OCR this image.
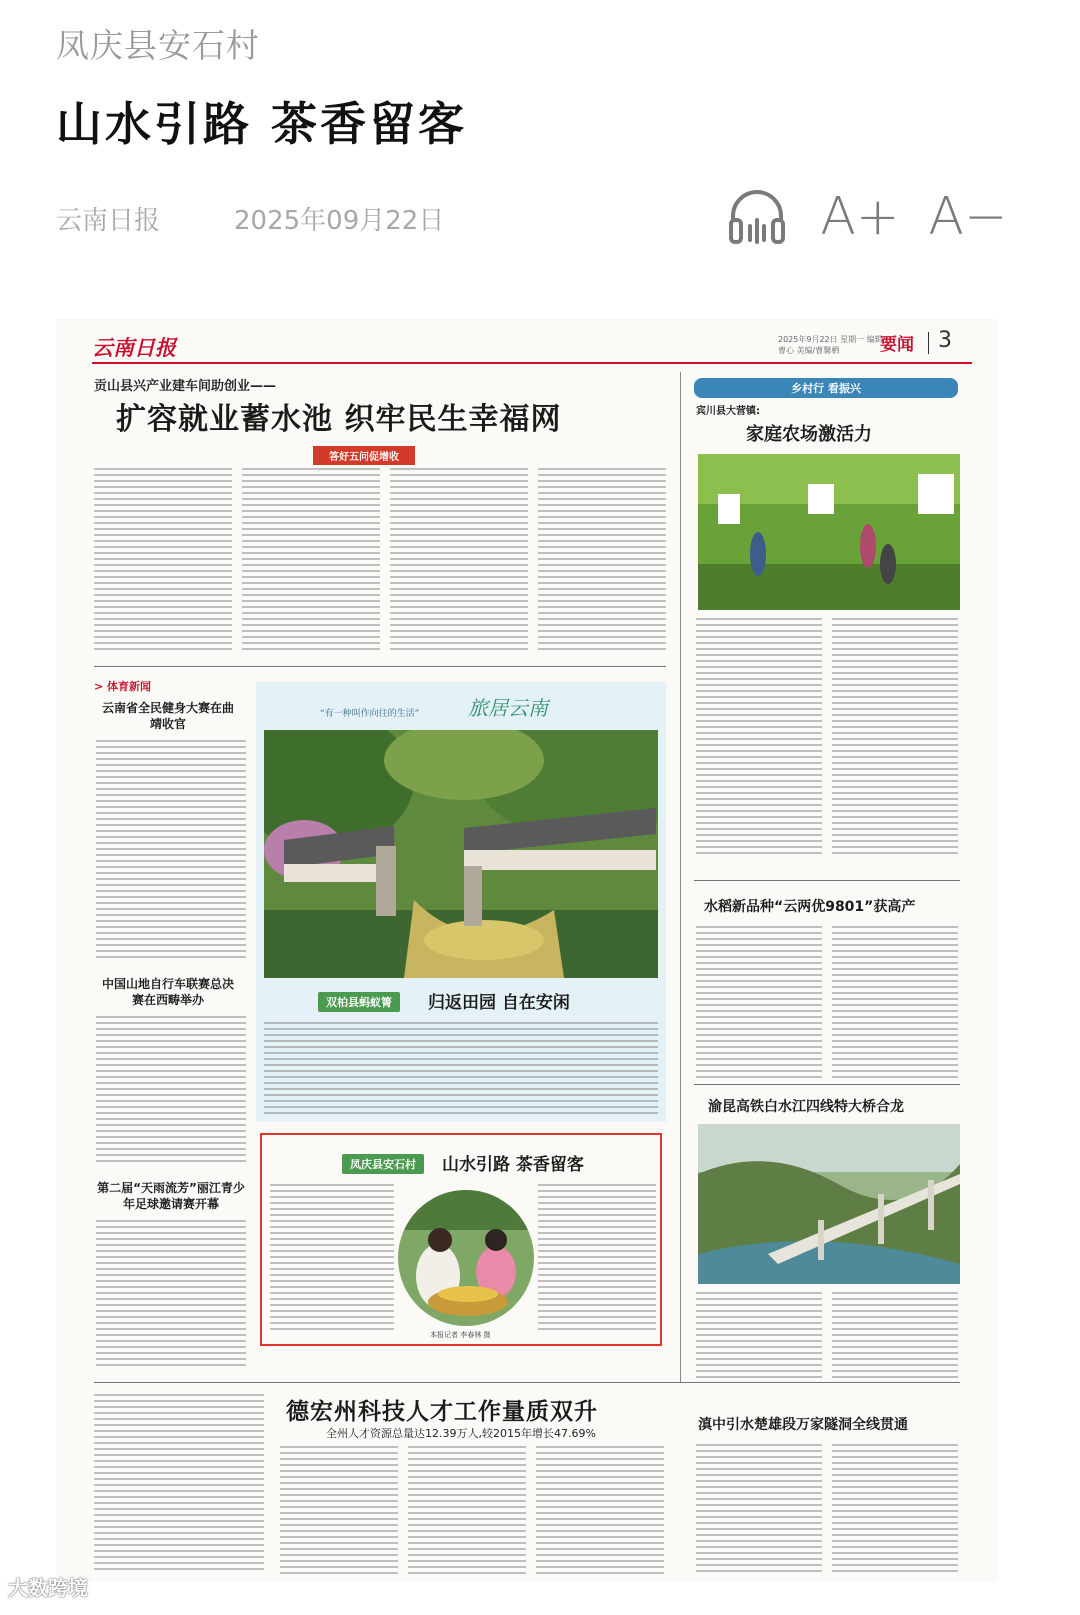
凤庆县安石村
山水引路 茶香留客
云南日报	2025年09月22日	A+ A−
云南日报	2025年9月22日 星期一 编辑/曹心 美编/曹馨栖	要闻 3
贡山县兴产业建车间助创业——
扩容就业蓄水池 织牢民生幸福网
答好五问促增收
> 体育新闻
云南省全民健身大赛在曲靖收官
中国山地自行车联赛总决赛在西畴举办
第二届“天雨流芳”丽江青少年足球邀请赛开幕
“有一种叫作向往的生活” 旅居云南
双柏县蚂蚁箐	归返田园 自在安闲
凤庆县安石村	山水引路 茶香留客
本报记者 李春林 摄
乡村行 看振兴
宾川县大营镇:
家庭农场激活力
水稻新品种“云两优9801”获高产
渝昆高铁白水江四线特大桥合龙
德宏州科技人才工作量质双升
全州人才资源总量达12.39万人,较2015年增长47.69%
滇中引水楚雄段万家隧洞全线贯通
大数跨境
